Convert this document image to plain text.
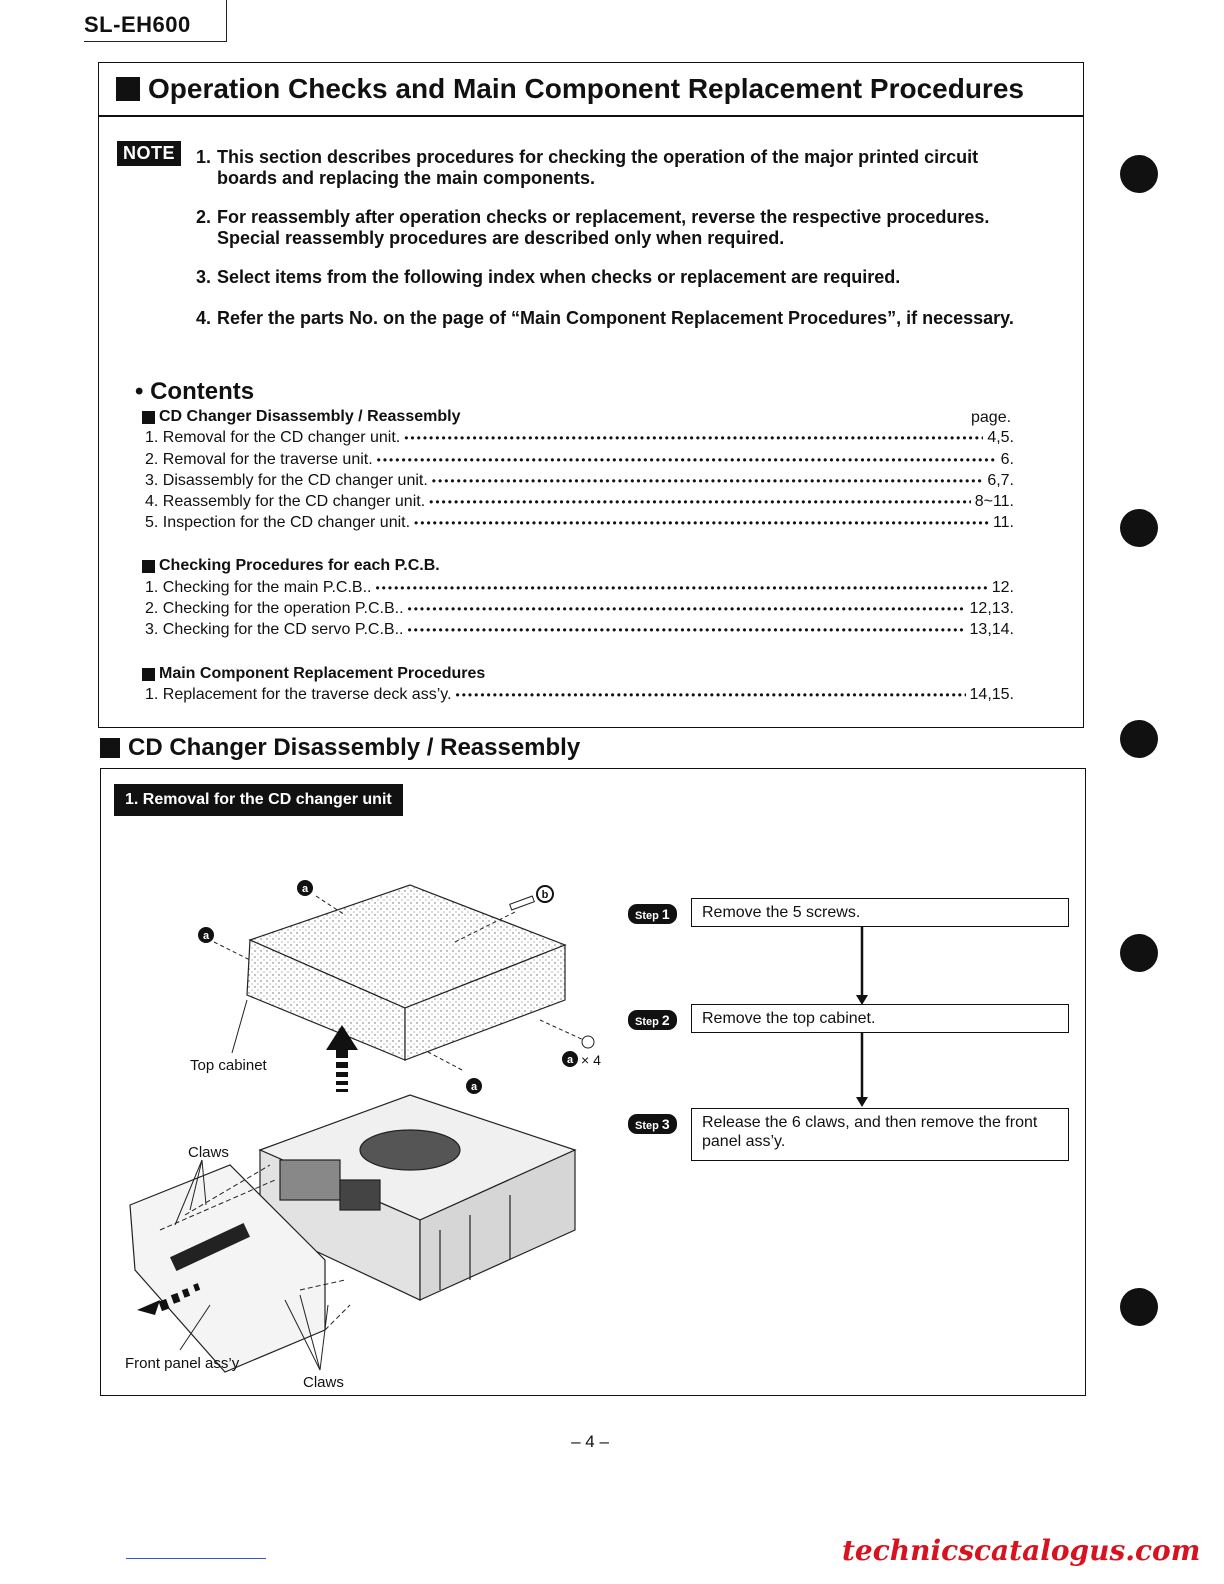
SL-EH600
Operation Checks and Main Component Replacement Procedures
NOTE	1. This section describes procedures for checking the operation of the major printed circuit
boards and replacing the main components.
2. For reassembly after operation checks or replacement, reverse the respective procedures.
Special reassembly procedures are described only when required.
3. Select items from the following index when checks or replacement are required.
4. Refer the parts No. on the page of “Main Component Replacement Procedures”, if necessary.
• Contents
page.
CD Changer Disassembly / Reassembly
1. Removal for the CD changer unit. •••••	4,5.
2. Removal for the traverse unit. •••••	6.
3. Disassembly for the CD changer unit. •••••	6,7.
4. Reassembly for the CD changer unit. •••••	8~11.
5. Inspection for the CD changer unit. •••••	11.
Checking Procedures for each P.C.B.
1. Checking for the main P.C.B.. •••••	12.
2. Checking for the operation P.C.B.. •••••	12,13.
3. Checking for the CD servo P.C.B.. •••••	13,14.
Main Component Replacement Procedures
1. Replacement for the traverse deck ass’y. •••••	14,15.
CD Changer Disassembly / Reassembly
1. Removal for the CD changer unit
a
a
a
a
b
× 4
Top cabinet
Claws
Front panel ass’y
Claws
Step 1	Remove the 5 screws.
Step 2	Remove the top cabinet.
Step 3	Release the 6 claws, and then remove the front panel ass’y.
– 4 –
technicscatalogus.com
